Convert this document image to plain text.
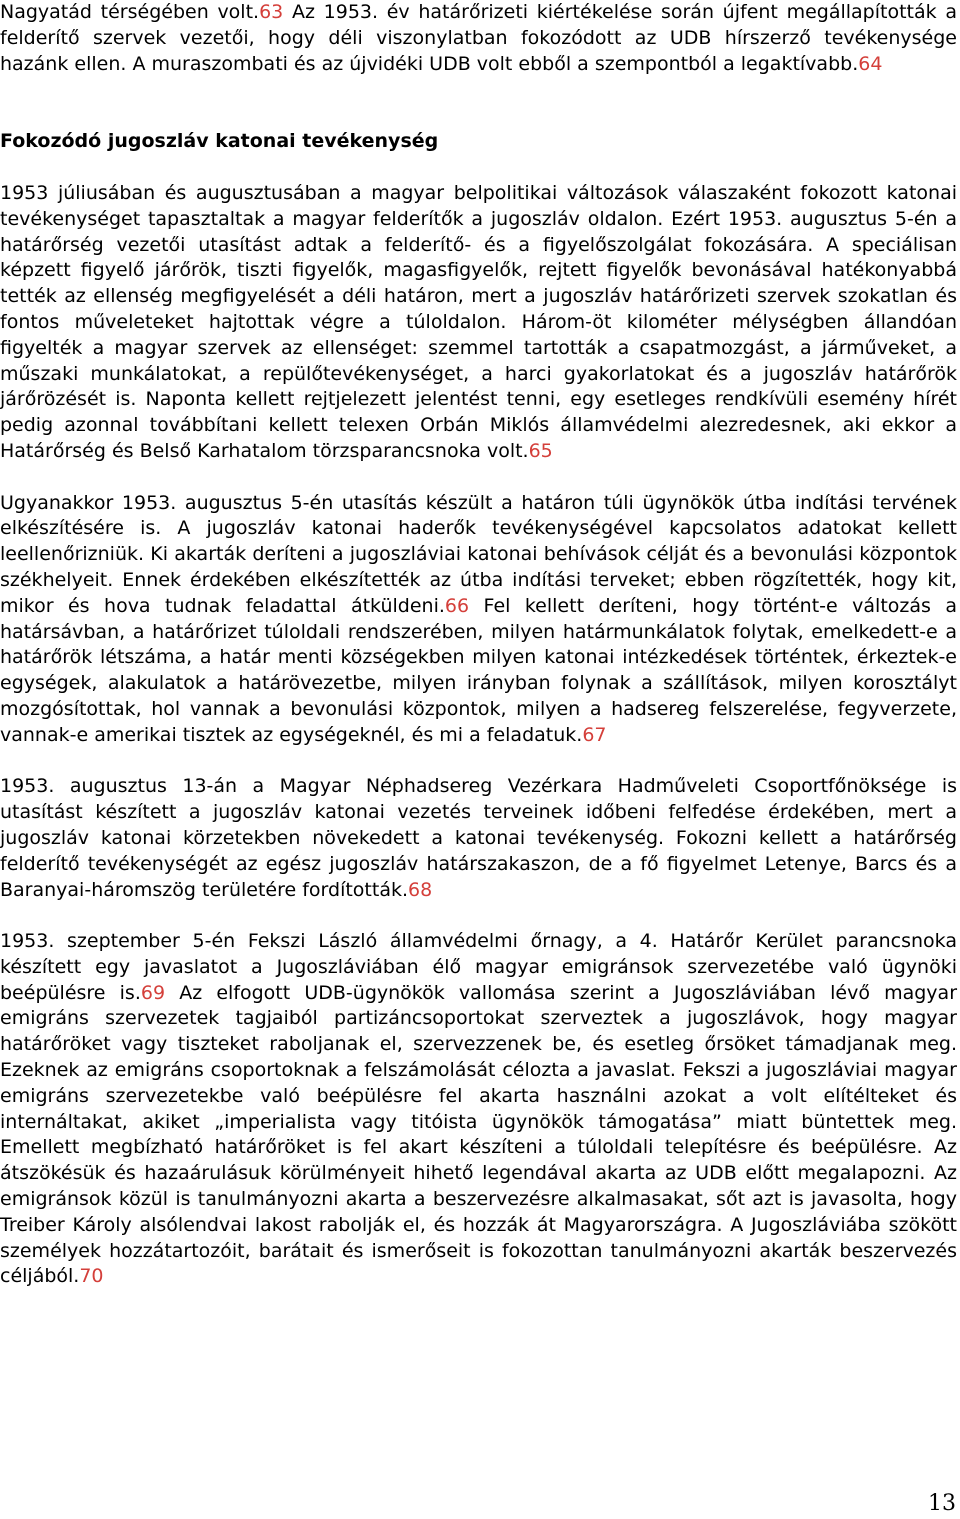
Nagyatád térségében volt.63 Az 1953. év határőrizeti kiértékelése során újfent megállapították a felderítő szervek vezetői, hogy déli viszonylatban fokozódott az UDB hírszerző tevékenysége hazánk ellen. A muraszombati és az újvidéki UDB volt ebből a szempontból a legaktívabb.64

Fokozódó jugoszláv katonai tevékenység

1953 júliusában és augusztusában a magyar belpolitikai változások válaszaként fokozott katonai tevékenységet tapasztaltak a magyar felderítők a jugoszláv oldalon. Ezért 1953. augusztus 5-én a határőrség vezetői utasítást adtak a felderítő- és a figyelőszolgálat fokozására. A speciálisan képzett figyelő járőrök, tiszti figyelők, magasfigyelők, rejtett figyelők bevonásával hatékonyabbá tették az ellenség megfigyelését a déli határon, mert a jugoszláv határőrizeti szervek szokatlan és fontos műveleteket hajtottak végre a túloldalon. Három-öt kilométer mélységben állandóan figyelték a magyar szervek az ellenséget: szemmel tartották a csapatmozgást, a járműveket, a műszaki munkálatokat, a repülőtevékenységet, a harci gyakorlatokat és a jugoszláv határőrök járőrözését is. Naponta kellett rejtjelezett jelentést tenni, egy esetleges rendkívüli esemény hírét pedig azonnal továbbítani kellett telexen Orbán Miklós államvédelmi alezredesnek, aki ekkor a Határőrség és Belső Karhatalom törzsparancsnoka volt.65

Ugyanakkor 1953. augusztus 5-én utasítás készült a határon túli ügynökök útba indítási tervének elkészítésére is. A jugoszláv katonai haderők tevékenységével kapcsolatos adatokat kellett leellenőrizniük. Ki akarták deríteni a jugoszláviai katonai behívások célját és a bevonulási központok székhelyeit. Ennek érdekében elkészítették az útba indítási terveket; ebben rögzítették, hogy kit, mikor és hova tudnak feladattal átküldeni.66 Fel kellett deríteni, hogy történt-e változás a határsávban, a határőrizet túloldali rendszerében, milyen határmunkálatok folytak, emelkedett-e a határőrök létszáma, a határ menti községekben milyen katonai intézkedések történtek, érkeztek-e egységek, alakulatok a határövezetbe, milyen irányban folynak a szállítások, milyen korosztályt mozgósítottak, hol vannak a bevonulási központok, milyen a hadsereg felszerelése, fegyverzete, vannak-e amerikai tisztek az egységeknél, és mi a feladatuk.67

1953. augusztus 13-án a Magyar Néphadsereg Vezérkara Hadműveleti Csoportfőnöksége is utasítást készített a jugoszláv katonai vezetés terveinek időbeni felfedése érdekében, mert a jugoszláv katonai körzetekben növekedett a katonai tevékenység. Fokozni kellett a határőrség felderítő tevékenységét az egész jugoszláv határszakaszon, de a fő figyelmet Letenye, Barcs és a Baranyai-háromszög területére fordították.68

1953. szeptember 5-én Fekszi László államvédelmi őrnagy, a 4. Határőr Kerület parancsnoka készített egy javaslatot a Jugoszláviában élő magyar emigránsok szervezetébe való ügynöki beépülésre is.69 Az elfogott UDB-ügynökök vallomása szerint a Jugoszláviában lévő magyar emigráns szervezetek tagjaiból partizáncsoportokat szerveztek a jugoszlávok, hogy magyar határőröket vagy tiszteket raboljanak el, szervezzenek be, és esetleg őrsöket támadjanak meg. Ezeknek az emigráns csoportoknak a felszámolását célozta a javaslat. Fekszi a jugoszláviai magyar emigráns szervezetekbe való beépülésre fel akarta használni azokat a volt elítélteket és internáltakat, akiket „imperialista vagy titóista ügynökök támogatása” miatt büntettek meg. Emellett megbízható határőröket is fel akart készíteni a túloldali telepítésre és beépülésre. Az átszökésük és hazaárulásuk körülményeit hihető legendával akarta az UDB előtt megalapozni. Az emigránsok közül is tanulmányozni akarta a beszervezésre alkalmasakat, sőt azt is javasolta, hogy Treiber Károly alsólendvai lakost rabolják el, és hozzák át Magyarországra. A Jugoszláviába szökött személyek hozzátartozóit, barátait és ismerőseit is fokozottan tanulmányozni akarták beszervezés céljából.70

13
